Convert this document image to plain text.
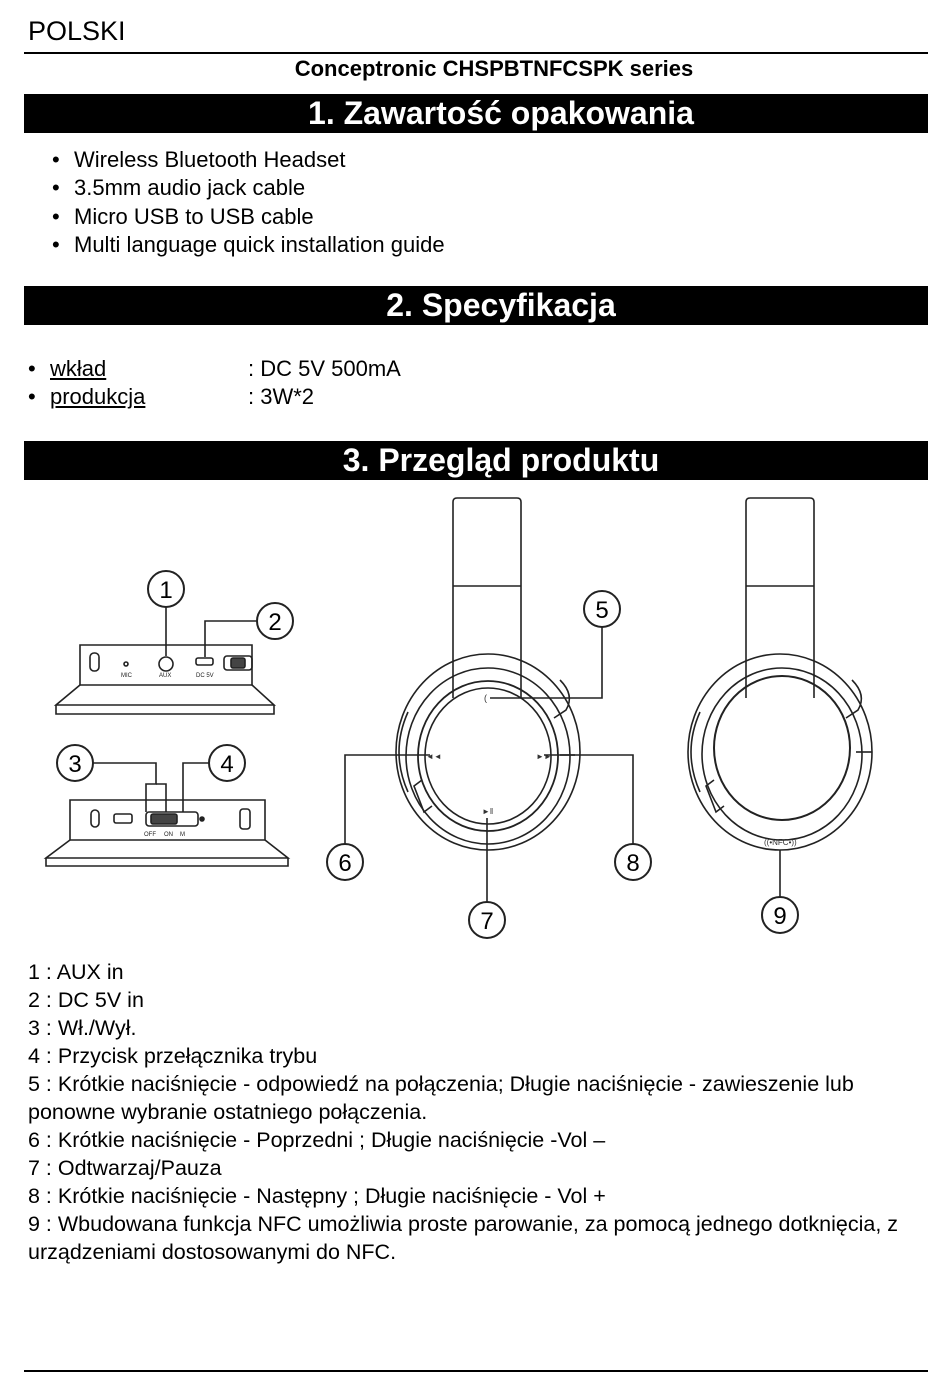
POLSKI
Conceptronic CHSPBTNFCSPK series
1. Zawartość opakowania
• Wireless Bluetooth Headset
• 3.5mm audio jack cable
• Micro USB to USB cable
• Multi language quick installation guide
2. Specyfikacja
• wkład	: DC 5V 500mA
• produkcja	: 3W*2
3. Przegląd produktu
MIC	AUX	DC 5V
1
2
OFF ON M
3	4
(
◄◄	►►
►‖
5
6
7
8
((•NFC•))
9
1 : AUX in
2 : DC 5V in
3 : Wł./Wył.
4 : Przycisk przełącznika trybu
5 : Krótkie naciśnięcie - odpowiedź na połączenia; Długie naciśnięcie - zawieszenie lub ponowne wybranie ostatniego połączenia.
6 : Krótkie naciśnięcie - Poprzedni ; Długie naciśnięcie -Vol –
7 : Odtwarzaj/Pauza
8 : Krótkie naciśnięcie - Następny ; Długie naciśnięcie - Vol +
9 : Wbudowana funkcja NFC umożliwia proste parowanie, za pomocą jednego dotknięcia, z urządzeniami dostosowanymi do NFC.
